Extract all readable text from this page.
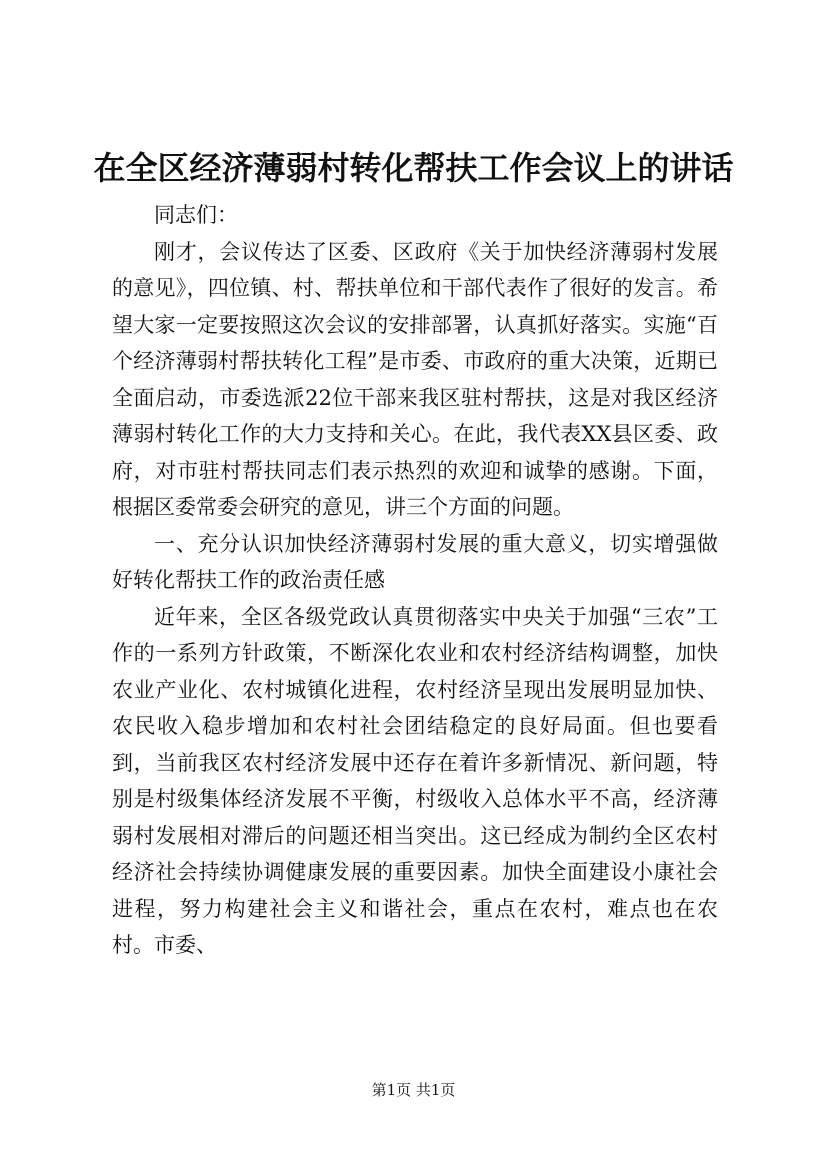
在全区经济薄弱村转化帮扶工作会议上的讲话

同志们：

刚才，会议传达了区委、区政府《关于加快经济薄弱村发展的意见》，四位镇、村、帮扶单位和干部代表作了很好的发言。希望大家一定要按照这次会议的安排部署，认真抓好落实。实施“百个经济薄弱村帮扶转化工程”是市委、市政府的重大决策，近期已全面启动，市委选派22位干部来我区驻村帮扶，这是对我区经济薄弱村转化工作的大力支持和关心。在此，我代表XX县区委、政府，对市驻村帮扶同志们表示热烈的欢迎和诚挚的感谢。下面，根据区委常委会研究的意见，讲三个方面的问题。

一、充分认识加快经济薄弱村发展的重大意义，切实增强做好转化帮扶工作的政治责任感

近年来，全区各级党政认真贯彻落实中央关于加强“三农”工作的一系列方针政策，不断深化农业和农村经济结构调整，加快农业产业化、农村城镇化进程，农村经济呈现出发展明显加快、农民收入稳步增加和农村社会团结稳定的良好局面。但也要看到，当前我区农村经济发展中还存在着许多新情况、新问题，特别是村级集体经济发展不平衡，村级收入总体水平不高，经济薄弱村发展相对滞后的问题还相当突出。这已经成为制约全区农村经济社会持续协调健康发展的重要因素。加快全面建设小康社会进程，努力构建社会主义和谐社会，重点在农村，难点也在农村。市委、

第1页 共1页
